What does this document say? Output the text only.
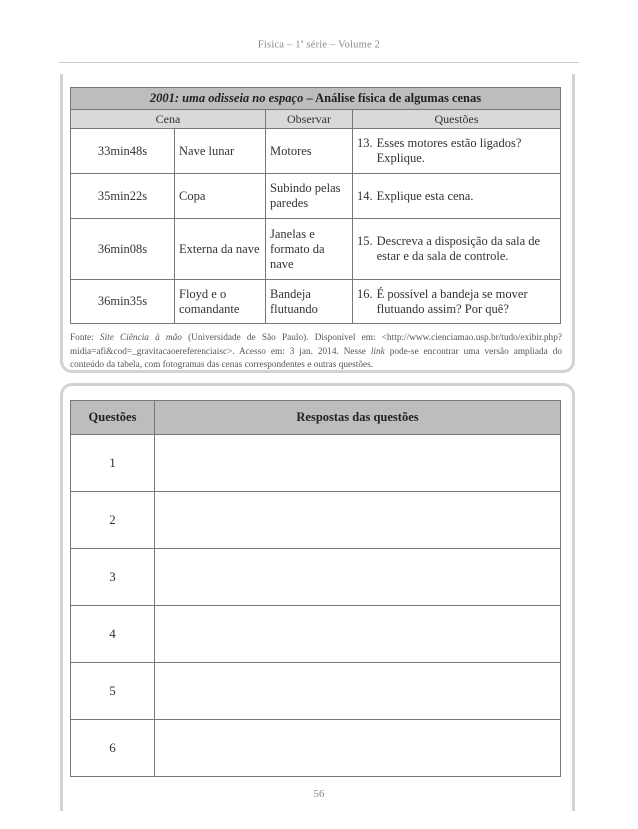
Física – 1$^a$ série – Volume 2
2001: uma odisseia no espaço – Análise física de algumas cenas			
Cena		Observar	Questões
33min48s	Nave lunar	Motores	13. Esses motores estão ligados? Explique.

35min22s	Copa	Subindo pelas paredes	14. Explique esta cena.

36min08s	Externa da nave	Janelas e formato da nave	15. Descreva a disposição da sala de estar e da sala de controle.

36min35s	Floyd e o comandante	Bandeja flutuando	16. É possível a bandeja se mover flutuando assim? Por quê?
Fonte: Site Ciência à mão (Universidade de São Paulo). Disponível em: <http://www.cienciamao.usp.br/tudo/exibir.php?midia=afi&cod=_gravitacaoereferenciaisc>. Acesso em: 3 jan. 2014. Nesse link pode-se encontrar uma versão ampliada do conteúdo da tabela, com fotogramas das cenas correspondentes e outras questões.
Questões	Respostas das questões
1	
2	
3	
4	
5	
6	
56
